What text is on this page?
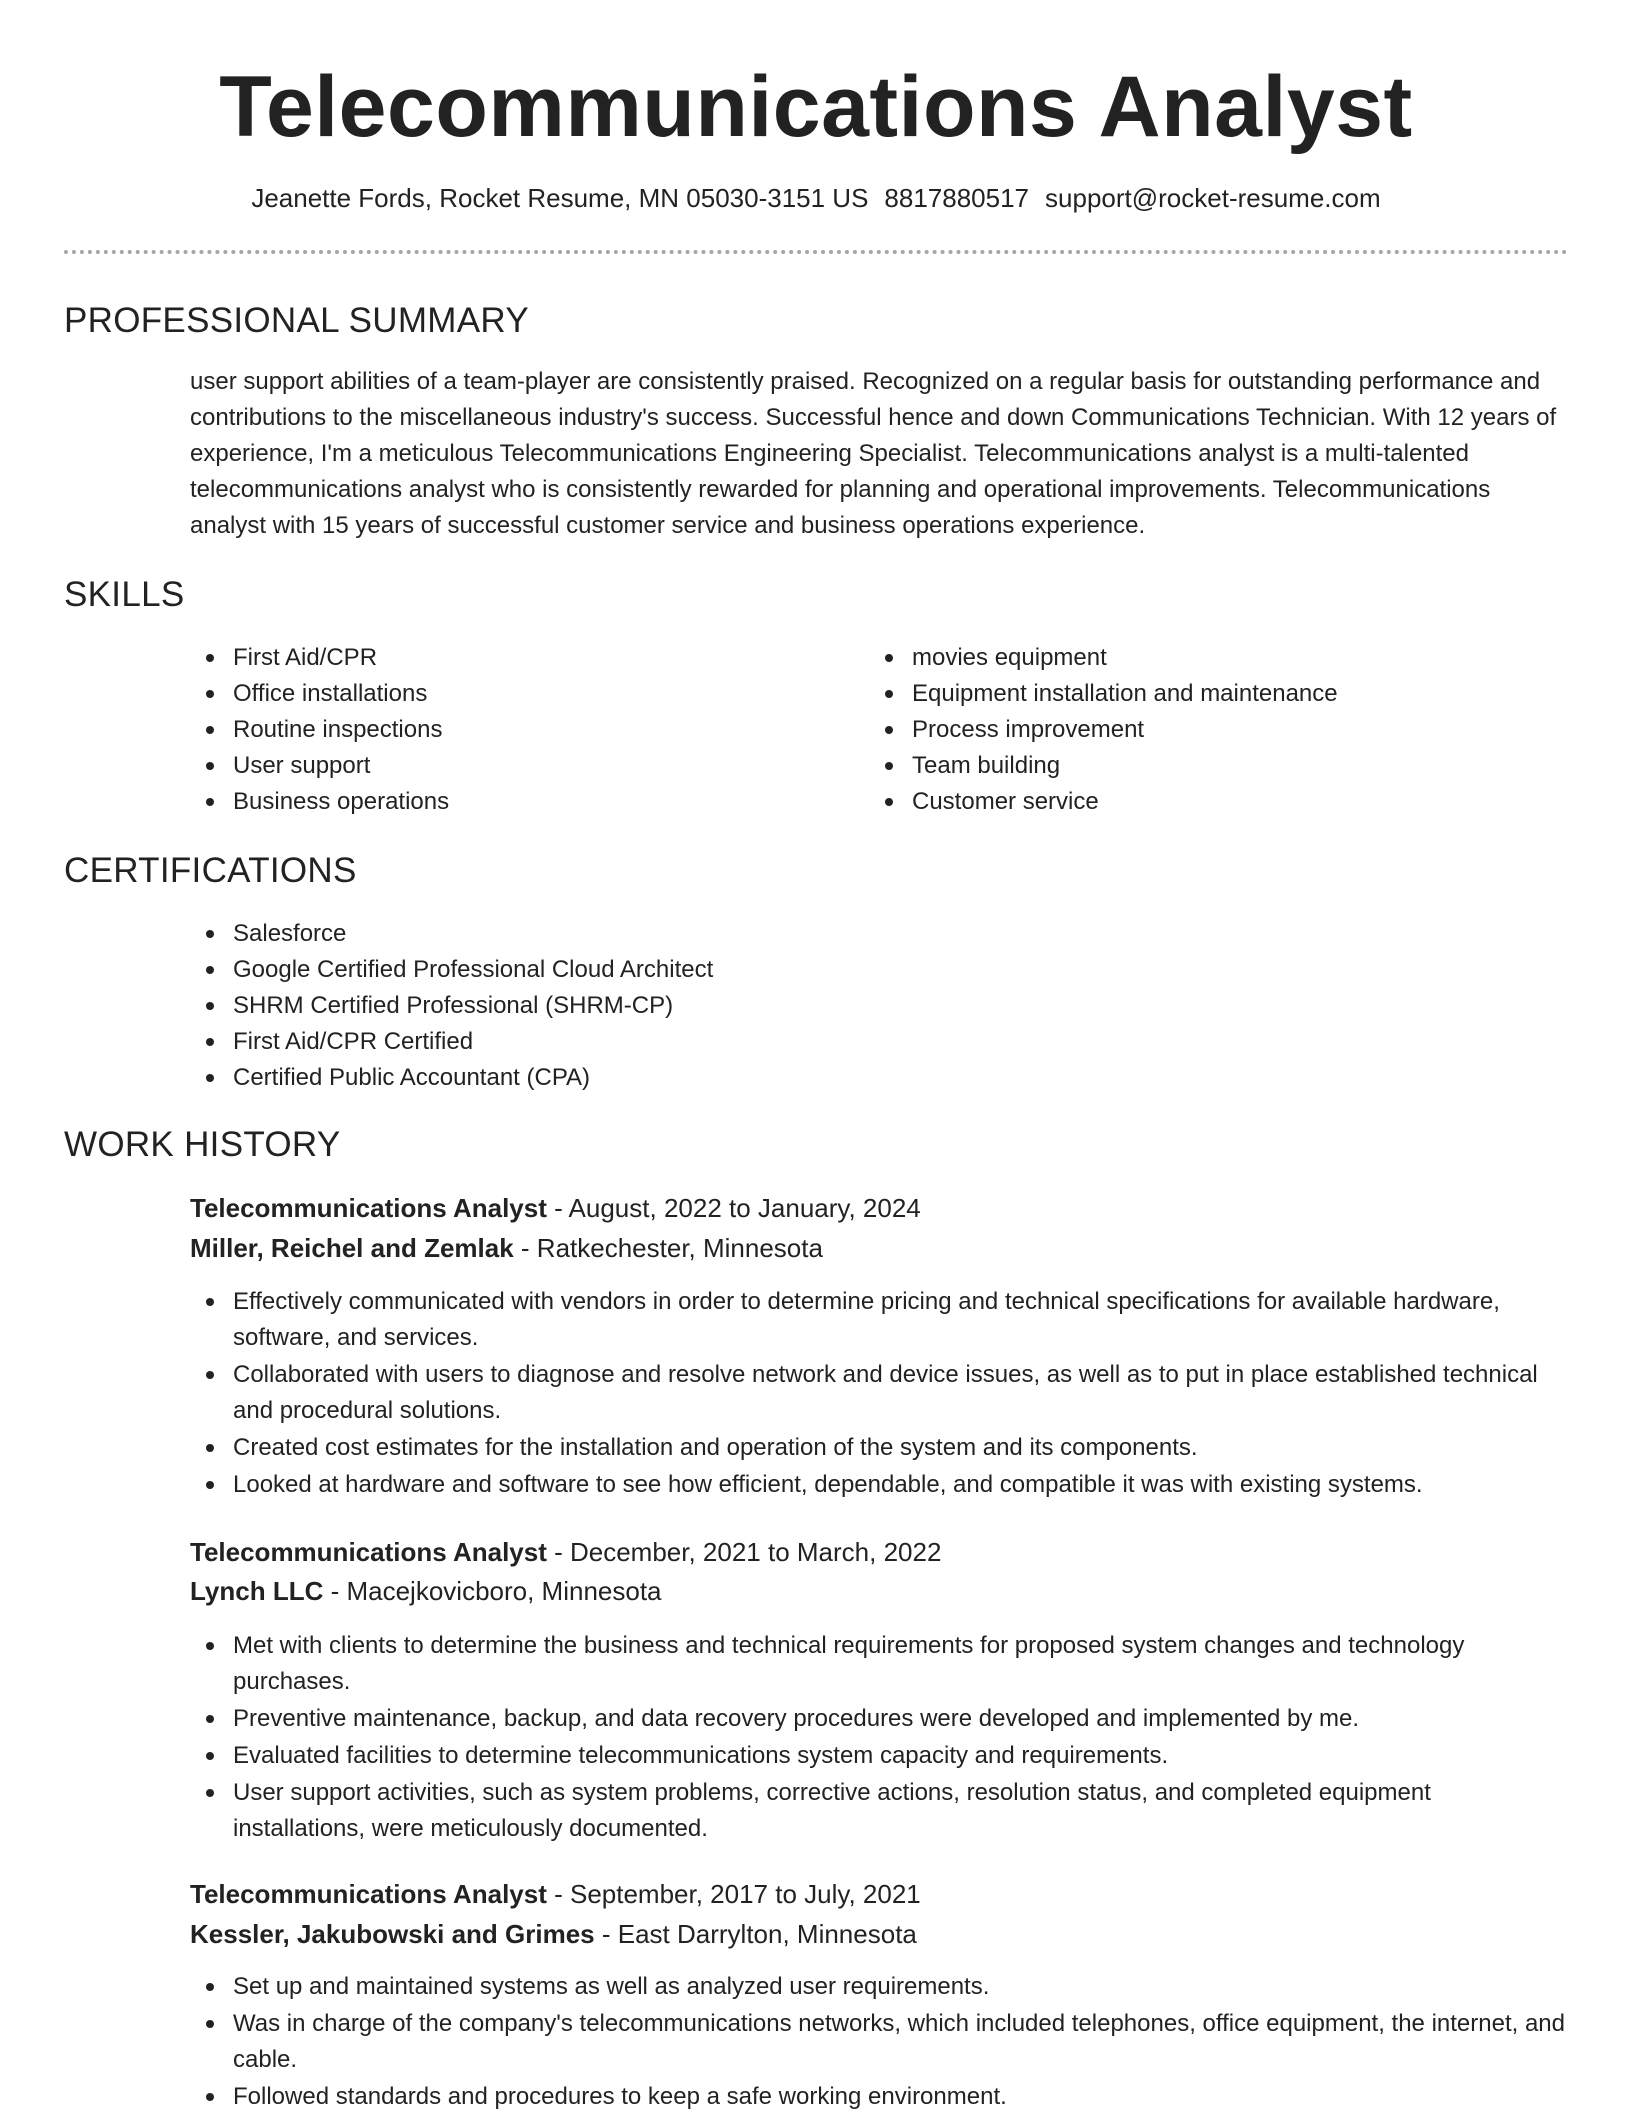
Telecommunications Analyst
Jeanette Fords, Rocket Resume, MN 05030-3151 US 8817880517 support@rocket-resume.com
PROFESSIONAL SUMMARY
user support abilities of a team-player are consistently praised. Recognized on a regular basis for outstanding performance and contributions to the miscellaneous industry's success. Successful hence and down Communications Technician. With 12 years of experience, I'm a meticulous Telecommunications Engineering Specialist. Telecommunications analyst is a multi-talented telecommunications analyst who is consistently rewarded for planning and operational improvements. Telecommunications analyst with 15 years of successful customer service and business operations experience.
SKILLS
First Aid/CPR
Office installations
Routine inspections
User support
Business operations
movies equipment
Equipment installation and maintenance
Process improvement
Team building
Customer service
CERTIFICATIONS
Salesforce
Google Certified Professional Cloud Architect
SHRM Certified Professional (SHRM-CP)
First Aid/CPR Certified
Certified Public Accountant (CPA)
WORK HISTORY
Telecommunications Analyst - August, 2022 to January, 2024
Miller, Reichel and Zemlak - Ratkechester, Minnesota
Effectively communicated with vendors in order to determine pricing and technical specifications for available hardware, software, and services.
Collaborated with users to diagnose and resolve network and device issues, as well as to put in place established technical and procedural solutions.
Created cost estimates for the installation and operation of the system and its components.
Looked at hardware and software to see how efficient, dependable, and compatible it was with existing systems.
Telecommunications Analyst - December, 2021 to March, 2022
Lynch LLC - Macejkovicboro, Minnesota
Met with clients to determine the business and technical requirements for proposed system changes and technology purchases.
Preventive maintenance, backup, and data recovery procedures were developed and implemented by me.
Evaluated facilities to determine telecommunications system capacity and requirements.
User support activities, such as system problems, corrective actions, resolution status, and completed equipment installations, were meticulously documented.
Telecommunications Analyst - September, 2017 to July, 2021
Kessler, Jakubowski and Grimes - East Darrylton, Minnesota
Set up and maintained systems as well as analyzed user requirements.
Was in charge of the company's telecommunications networks, which included telephones, office equipment, the internet, and cable.
Followed standards and procedures to keep a safe working environment.
